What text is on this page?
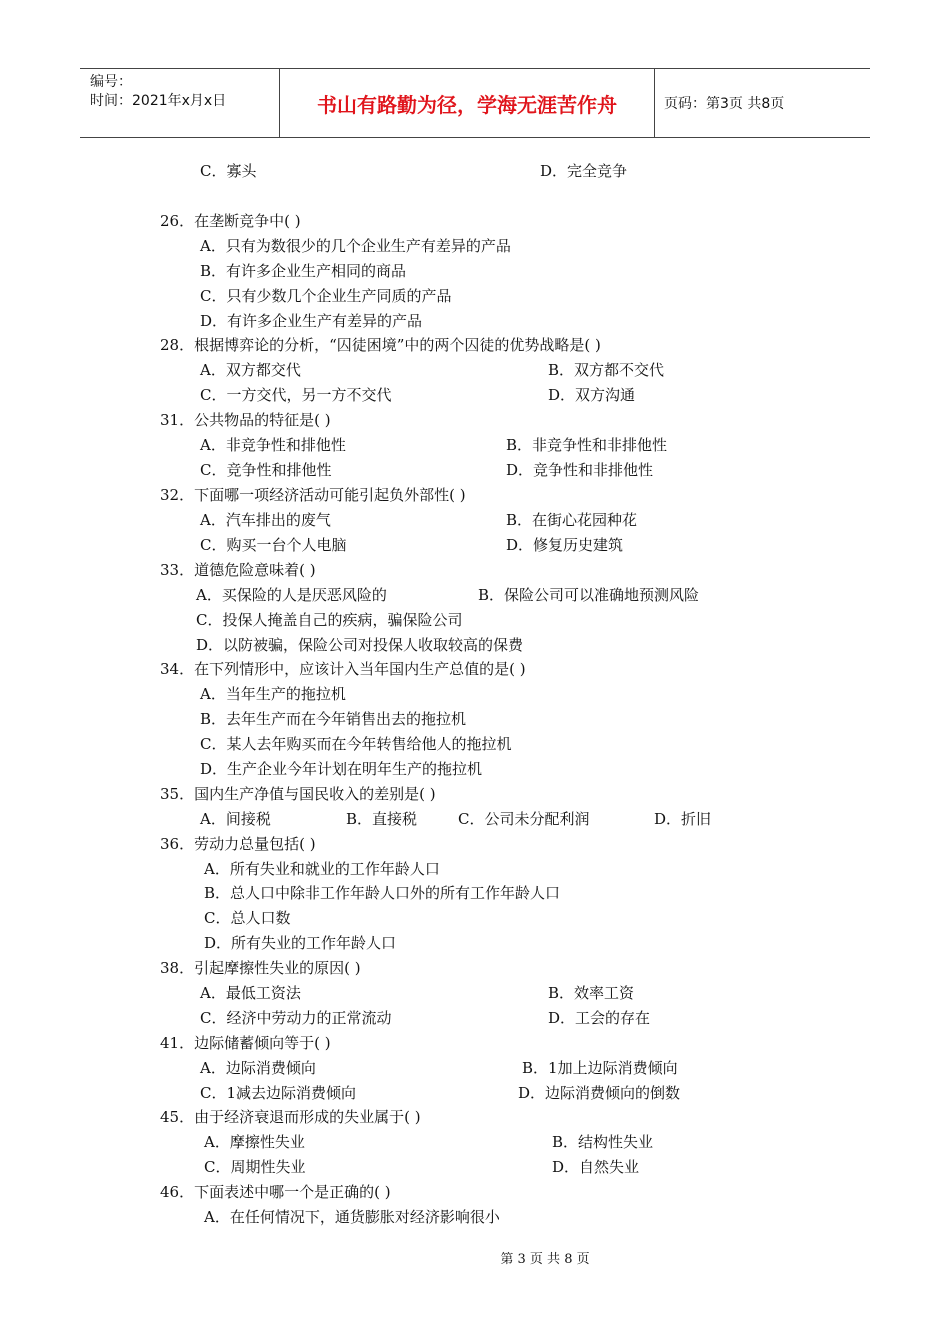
编号：
时间：2021年x月x日	书山有路勤为径，学海无涯苦作舟	页码：第3页 共8页
C．寡头	D．完全竞争
26．在垄断竞争中( )
A．只有为数很少的几个企业生产有差异的产品
B．有许多企业生产相同的商品
C．只有少数几个企业生产同质的产品
D．有许多企业生产有差异的产品
28．根据博弈论的分析，“囚徒困境”中的两个囚徒的优势战略是( )
A．双方都交代	B．双方都不交代
C．一方交代，另一方不交代	D．双方沟通
31．公共物品的特征是( )
A．非竞争性和排他性	B．非竞争性和非排他性
C．竞争性和排他性	D．竞争性和非排他性
32．下面哪一项经济活动可能引起负外部性( )
A．汽车排出的废气	B．在街心花园种花
C．购买一台个人电脑	D．修复历史建筑
33．道德危险意味着( )
A．买保险的人是厌恶风险的	B．保险公司可以准确地预测风险
C．投保人掩盖自己的疾病，骗保险公司
D．以防被骗，保险公司对投保人收取较高的保费
34．在下列情形中，应该计入当年国内生产总值的是( )
A．当年生产的拖拉机
B．去年生产而在今年销售出去的拖拉机
C．某人去年购买而在今年转售给他人的拖拉机
D．生产企业今年计划在明年生产的拖拉机
35．国内生产净值与国民收入的差别是( )
A．间接税	B．直接税	C．公司未分配利润	D．折旧
36．劳动力总量包括( )
A．所有失业和就业的工作年龄人口
B．总人口中除非工作年龄人口外的所有工作年龄人口
C．总人口数
D．所有失业的工作年龄人口
38．引起摩擦性失业的原因( )
A．最低工资法	B．效率工资
C．经济中劳动力的正常流动	D．工会的存在
41．边际储蓄倾向等于( )
A．边际消费倾向	B．1加上边际消费倾向
C．1减去边际消费倾向	D．边际消费倾向的倒数
45．由于经济衰退而形成的失业属于( )
A．摩擦性失业	B．结构性失业
C．周期性失业	D．自然失业
46．下面表述中哪一个是正确的( )
A．在任何情况下，通货膨胀对经济影响很小
第 3 页 共 8 页
